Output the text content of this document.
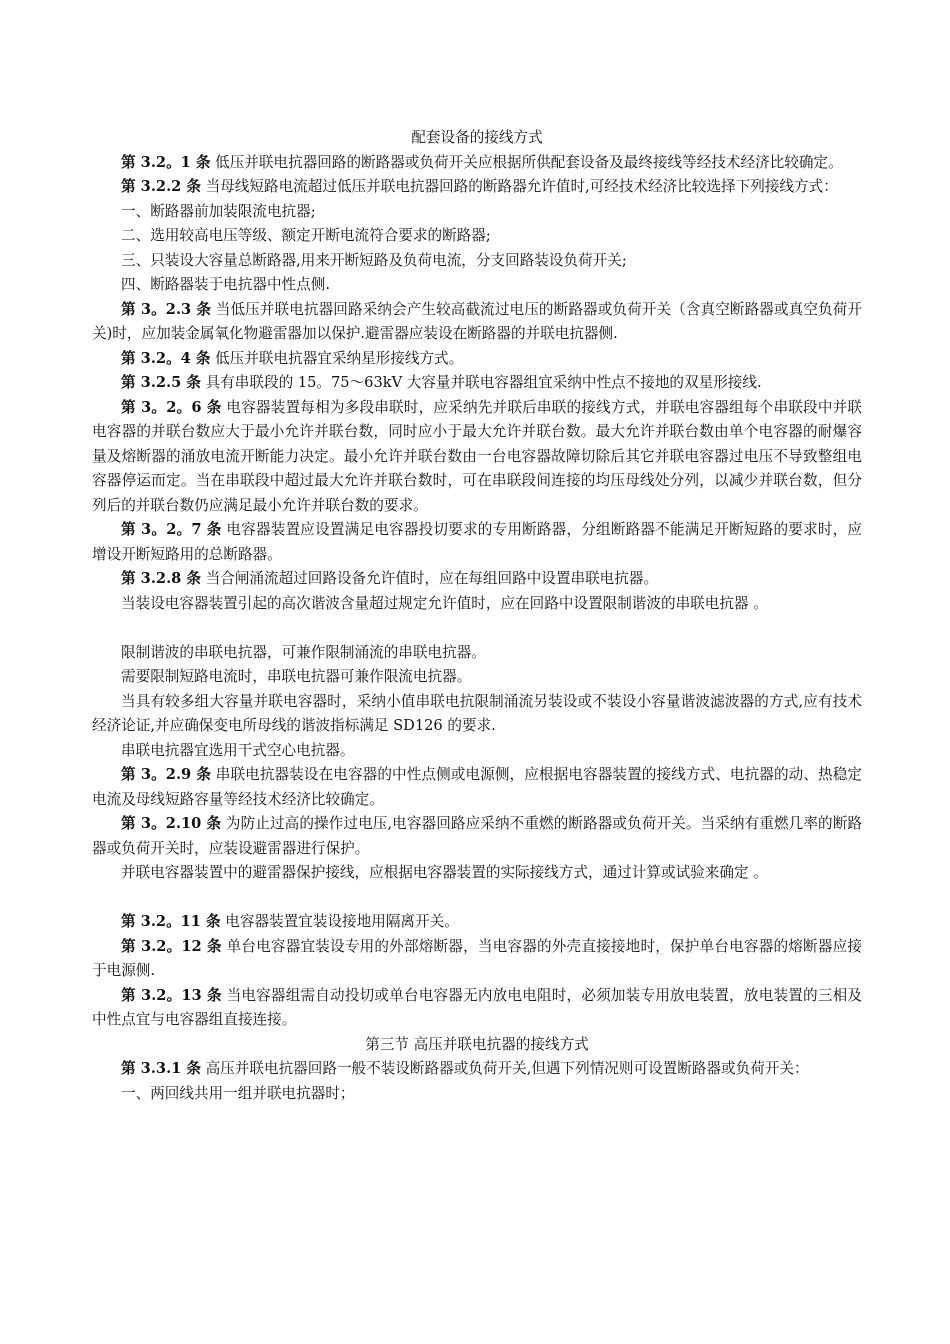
配套设备的接线方式

第 3.2。1 条 低压并联电抗器回路的断路器或负荷开关应根据所供配套设备及最终接线等经技术经济比较确定。

第 3.2.2 条 当母线短路电流超过低压并联电抗器回路的断路器允许值时,可经技术经济比较选择下列接线方式：

一、断路器前加装限流电抗器;

二、选用较高电压等级、额定开断电流符合要求的断路器;

三、只装设大容量总断路器,用来开断短路及负荷电流，分支回路装设负荷开关;

四、断路器装于电抗器中性点侧.

第 3。2.3 条 当低压并联电抗器回路采纳会产生较高截流过电压的断路器或负荷开关（含真空断路器或真空负荷开关)时，应加装金属氧化物避雷器加以保护.避雷器应装设在断路器的并联电抗器侧.

第 3.2。4 条 低压并联电抗器宜采纳星形接线方式。

第 3.2.5 条 具有串联段的 15。75～63kV 大容量并联电容器组宜采纳中性点不接地的双星形接线.

第 3。2。6 条 电容器装置每相为多段串联时，应采纳先并联后串联的接线方式，并联电容器组每个串联段中并联电容器的并联台数应大于最小允许并联台数，同时应小于最大允许并联台数。最大允许并联台数由单个电容器的耐爆容量及熔断器的涌放电流开断能力决定。最小允许并联台数由一台电容器故障切除后其它并联电容器过电压不导致整组电容器停运而定。当在串联段中超过最大允许并联台数时，可在串联段间连接的均压母线处分列，以减少并联台数，但分列后的并联台数仍应满足最小允许并联台数的要求。

第 3。2。7 条 电容器装置应设置满足电容器投切要求的专用断路器，分组断路器不能满足开断短路的要求时，应增设开断短路用的总断路器。

第 3.2.8 条 当合闸涌流超过回路设备允许值时，应在每组回路中设置串联电抗器。

当装设电容器装置引起的高次谐波含量超过规定允许值时，应在回路中设置限制谐波的串联电抗器 。

限制谐波的串联电抗器，可兼作限制涌流的串联电抗器。

需要限制短路电流时，串联电抗器可兼作限流电抗器。

当具有较多组大容量并联电容器时，采纳小值串联电抗限制涌流另装设或不装设小容量谐波滤波器的方式,应有技术经济论证,并应确保变电所母线的谐波指标满足 SD126 的要求.

串联电抗器宜选用干式空心电抗器。

第 3。2.9 条 串联电抗器装设在电容器的中性点侧或电源侧，应根据电容器装置的接线方式、电抗器的动、热稳定电流及母线短路容量等经技术经济比较确定。

第 3。2.10 条 为防止过高的操作过电压,电容器回路应采纳不重燃的断路器或负荷开关。当采纳有重燃几率的断路器或负荷开关时，应装设避雷器进行保护。

并联电容器装置中的避雷器保护接线，应根据电容器装置的实际接线方式，通过计算或试验来确定 。

第 3.2。11 条 电容器装置宜装设接地用隔离开关。

第 3.2。12 条 单台电容器宜装设专用的外部熔断器，当电容器的外壳直接接地时，保护单台电容器的熔断器应接于电源侧.

第 3.2。13 条 当电容器组需自动投切或单台电容器无内放电电阻时，必须加装专用放电装置，放电装置的三相及中性点宜与电容器组直接连接。

第三节 高压并联电抗器的接线方式

第 3.3.1 条 高压并联电抗器回路一般不装设断路器或负荷开关,但遇下列情况则可设置断路器或负荷开关：

一、两回线共用一组并联电抗器时；
